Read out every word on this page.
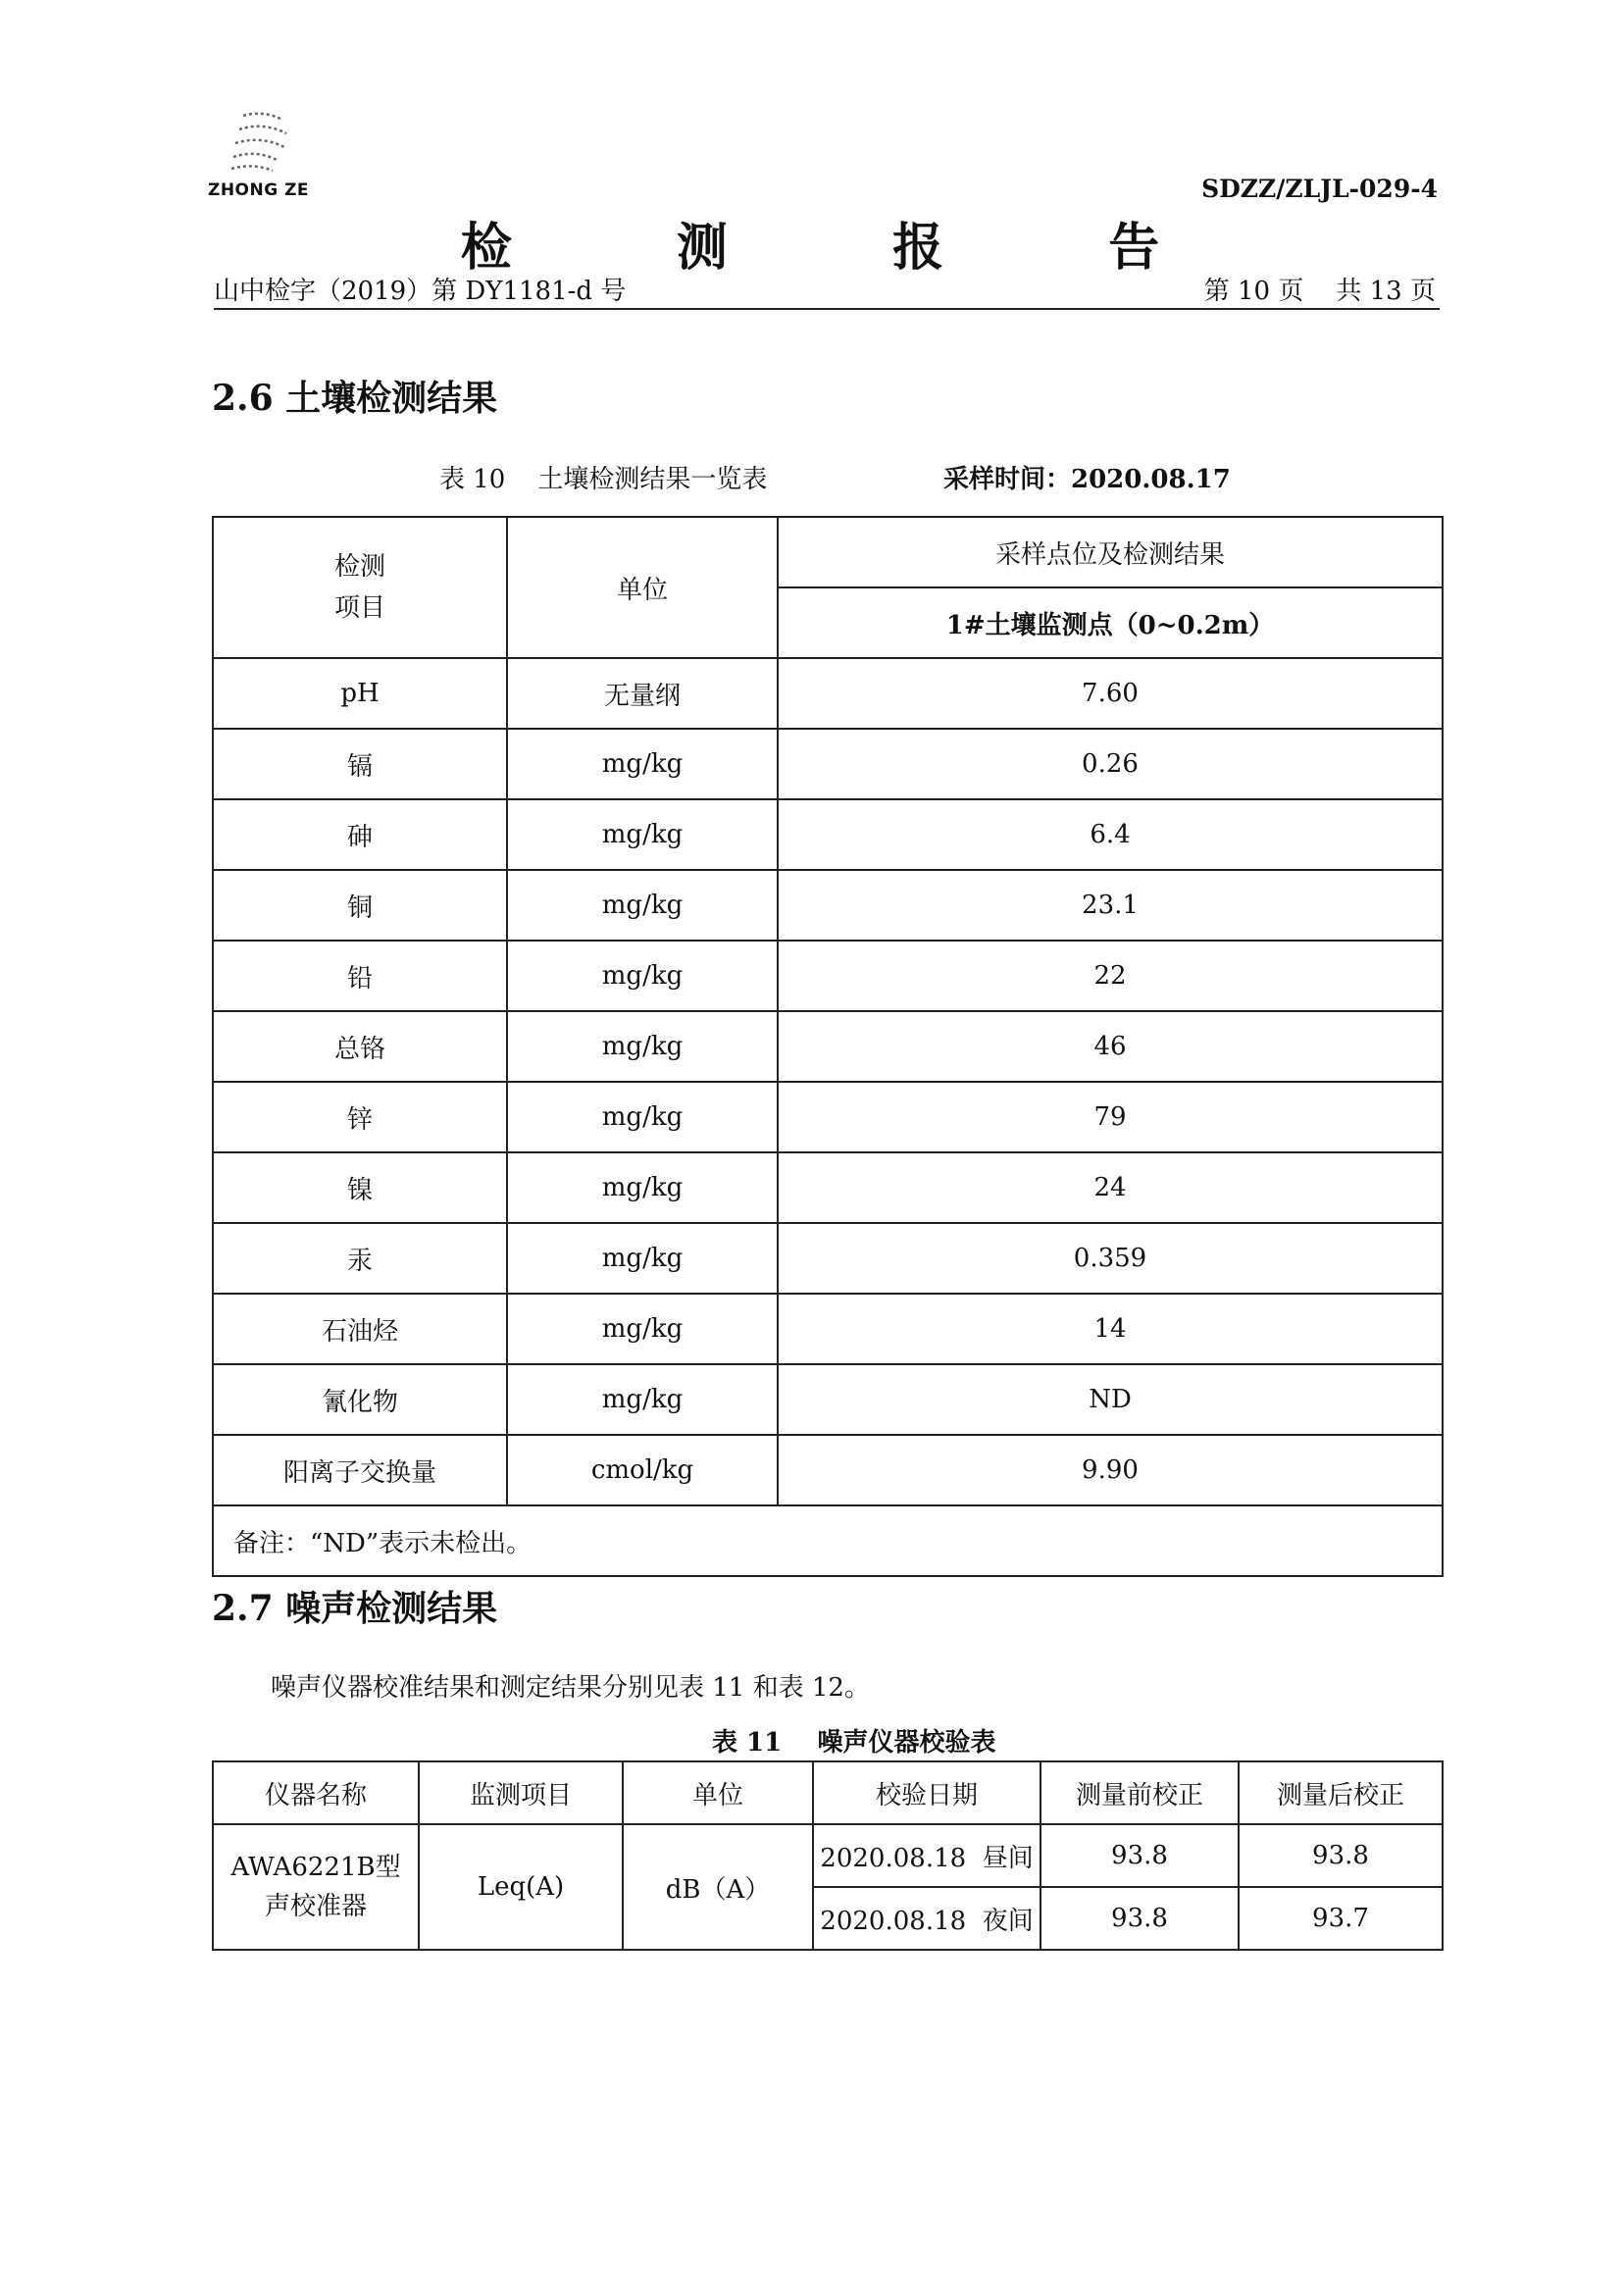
ZHONG ZE	SDZZ/ZLJL-029-4
检  测  报  告
山中检字（2019）第 DY1181-d 号	第 10 页    共 13 页
2.6 土壤检测结果
表 10    土壤检测结果一览表	采样时间：2020.08.17
检测
项目	单位	采样点位及检测结果
		1#土壤监测点（0~0.2m）
pH	无量纲	7.60
镉	mg/kg	0.26
砷	mg/kg	6.4
铜	mg/kg	23.1
铅	mg/kg	22
总铬	mg/kg	46
锌	mg/kg	79
镍	mg/kg	24
汞	mg/kg	0.359
石油烃	mg/kg	14
氰化物	mg/kg	ND
阳离子交换量	cmol/kg	9.90
备注：“ND”表示未检出。		
2.7 噪声检测结果
噪声仪器校准结果和测定结果分别见表 11 和表 12。
表 11    噪声仪器校验表
仪器名称	监测项目	单位	校验日期	测量前校正	测量后校正
AWA6221B型
声校准器	Leq(A)	dB（A）	2020.08.18  昼间	93.8	93.8
			2020.08.18  夜间	93.8	93.7
